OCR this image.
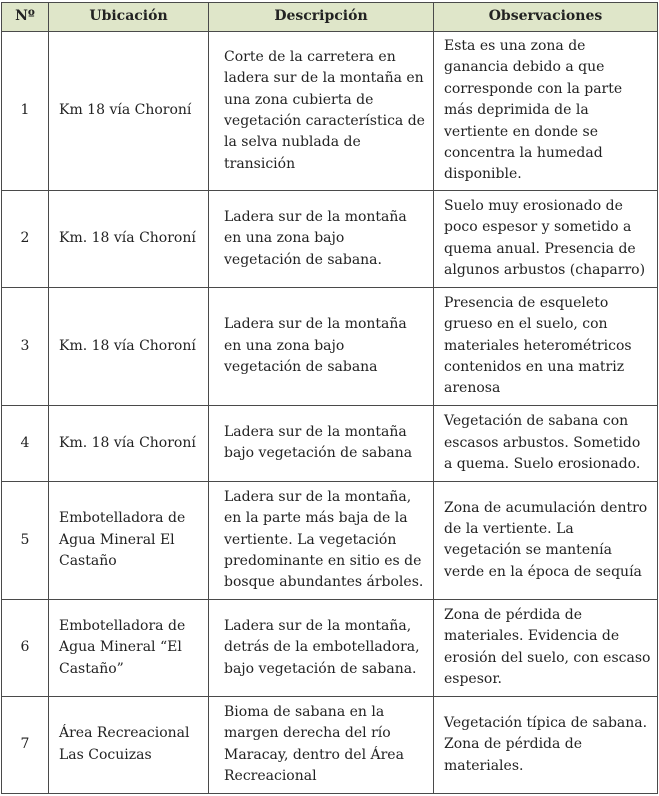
Nº	Ubicación	Descripción	Observaciones
1	Km 18 vía Choroní	Corte de la carretera en ladera sur de la montaña en una zona cubierta de vegetación característica de la selva nublada de transición	Esta es una zona de ganancia debido a que corresponde con la parte más deprimida de la vertiente en donde se concentra la humedad disponible.
2	Km. 18 vía Choroní	Ladera sur de la montaña en una zona bajo vegetación de sabana.	Suelo muy erosionado de poco espesor y sometido a quema anual. Presencia de algunos arbustos (chaparro)
3	Km. 18 vía Choroní	Ladera sur de la montaña en una zona bajo vegetación de sabana	Presencia de esqueleto grueso en el suelo, con materiales heterométricos contenidos en una matriz arenosa
4	Km. 18 vía Choroní	Ladera sur de la montaña bajo vegetación de sabana	Vegetación de sabana con escasos arbustos. Sometido a quema. Suelo erosionado.
5	Embotelladora de Agua Mineral El Castaño	Ladera sur de la montaña, en la parte más baja de la vertiente. La vegetación predominante en sitio es de bosque abundantes árboles.	Zona de acumulación dentro de la vertiente. La vegetación se mantenía verde en la época de sequía
6	Embotelladora de Agua Mineral “El Castaño”	Ladera sur de la montaña, detrás de la embotelladora, bajo vegetación de sabana.	Zona de pérdida de materiales. Evidencia de erosión del suelo, con escaso espesor.
7	Área Recreacional Las Cocuizas	Bioma de sabana en la margen derecha del río Maracay, dentro del Área Recreacional	Vegetación típica de sabana. Zona de pérdida de materiales.
